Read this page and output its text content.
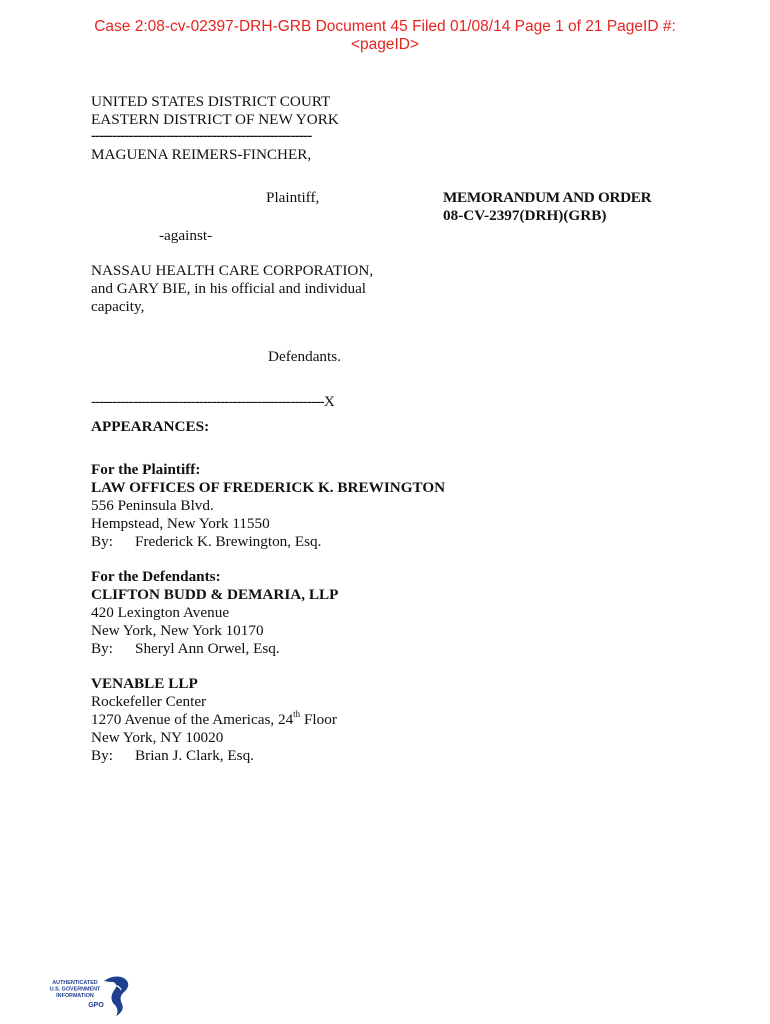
Case 2:08-cv-02397-DRH-GRB Document 45 Filed 01/08/14 Page 1 of 21 PageID #:
<pageID>
UNITED STATES DISTRICT COURT
EASTERN DISTRICT OF NEW YORK
-----------------------------------------------------
MAGUENA REIMERS-FINCHER,
Plaintiff,
-against-
NASSAU HEALTH CARE CORPORATION,
and GARY BIE, in his official and individual
capacity,
Defendants.
--------------------------------------------------------X
MEMORANDUM AND ORDER
08-CV-2397(DRH)(GRB)
APPEARANCES:
For the Plaintiff:
LAW OFFICES OF FREDERICK K. BREWINGTON
556 Peninsula Blvd.
Hempstead, New York 11550
By: Frederick K. Brewington, Esq.
For the Defendants:
CLIFTON BUDD & DEMARIA, LLP
420 Lexington Avenue
New York, New York 10170
By: Sheryl Ann Orwel, Esq.
VENABLE LLP
Rockefeller Center
1270 Avenue of the Americas, 24th Floor
New York, NY 10020
By: Brian J. Clark, Esq.
AUTHENTICATED
U.S. GOVERNMENT
INFORMATION
GPO
